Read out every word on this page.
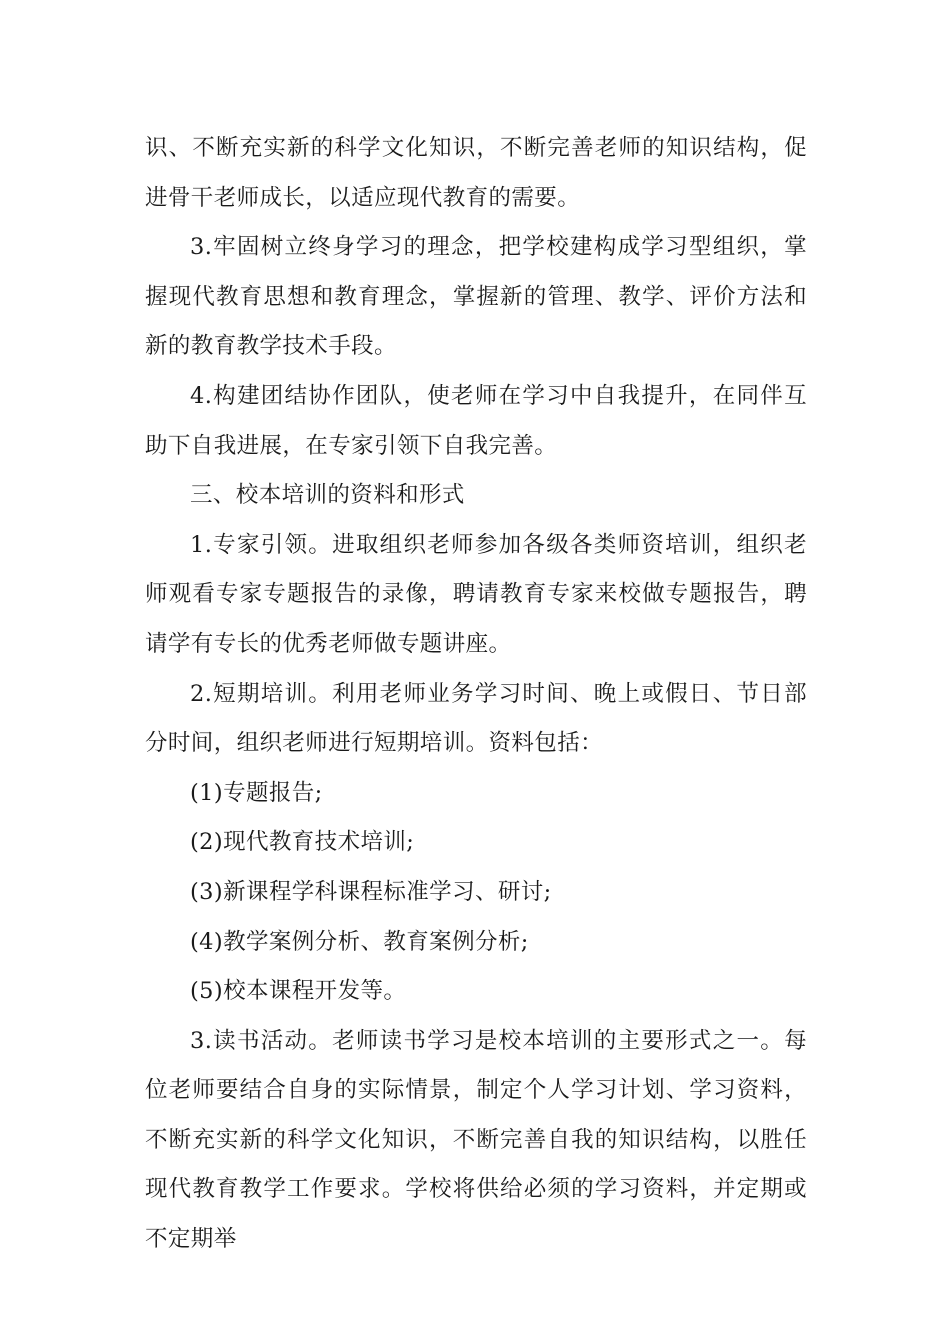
识、不断充实新的科学文化知识，不断完善老师的知识结构，促进骨干老师成长，以适应现代教育的需要。

3.牢固树立终身学习的理念，把学校建构成学习型组织，掌握现代教育思想和教育理念，掌握新的管理、教学、评价方法和新的教育教学技术手段。

4.构建团结协作团队，使老师在学习中自我提升，在同伴互助下自我进展，在专家引领下自我完善。

三、校本培训的资料和形式

1.专家引领。进取组织老师参加各级各类师资培训，组织老师观看专家专题报告的录像，聘请教育专家来校做专题报告，聘请学有专长的优秀老师做专题讲座。

2.短期培训。利用老师业务学习时间、晚上或假日、节日部分时间，组织老师进行短期培训。资料包括：

(1)专题报告;

(2)现代教育技术培训;

(3)新课程学科课程标准学习、研讨;

(4)教学案例分析、教育案例分析;

(5)校本课程开发等。

3.读书活动。老师读书学习是校本培训的主要形式之一。每位老师要结合自身的实际情景，制定个人学习计划、学习资料，不断充实新的科学文化知识，不断完善自我的知识结构，以胜任现代教育教学工作要求。学校将供给必须的学习资料，并定期或不定期举
